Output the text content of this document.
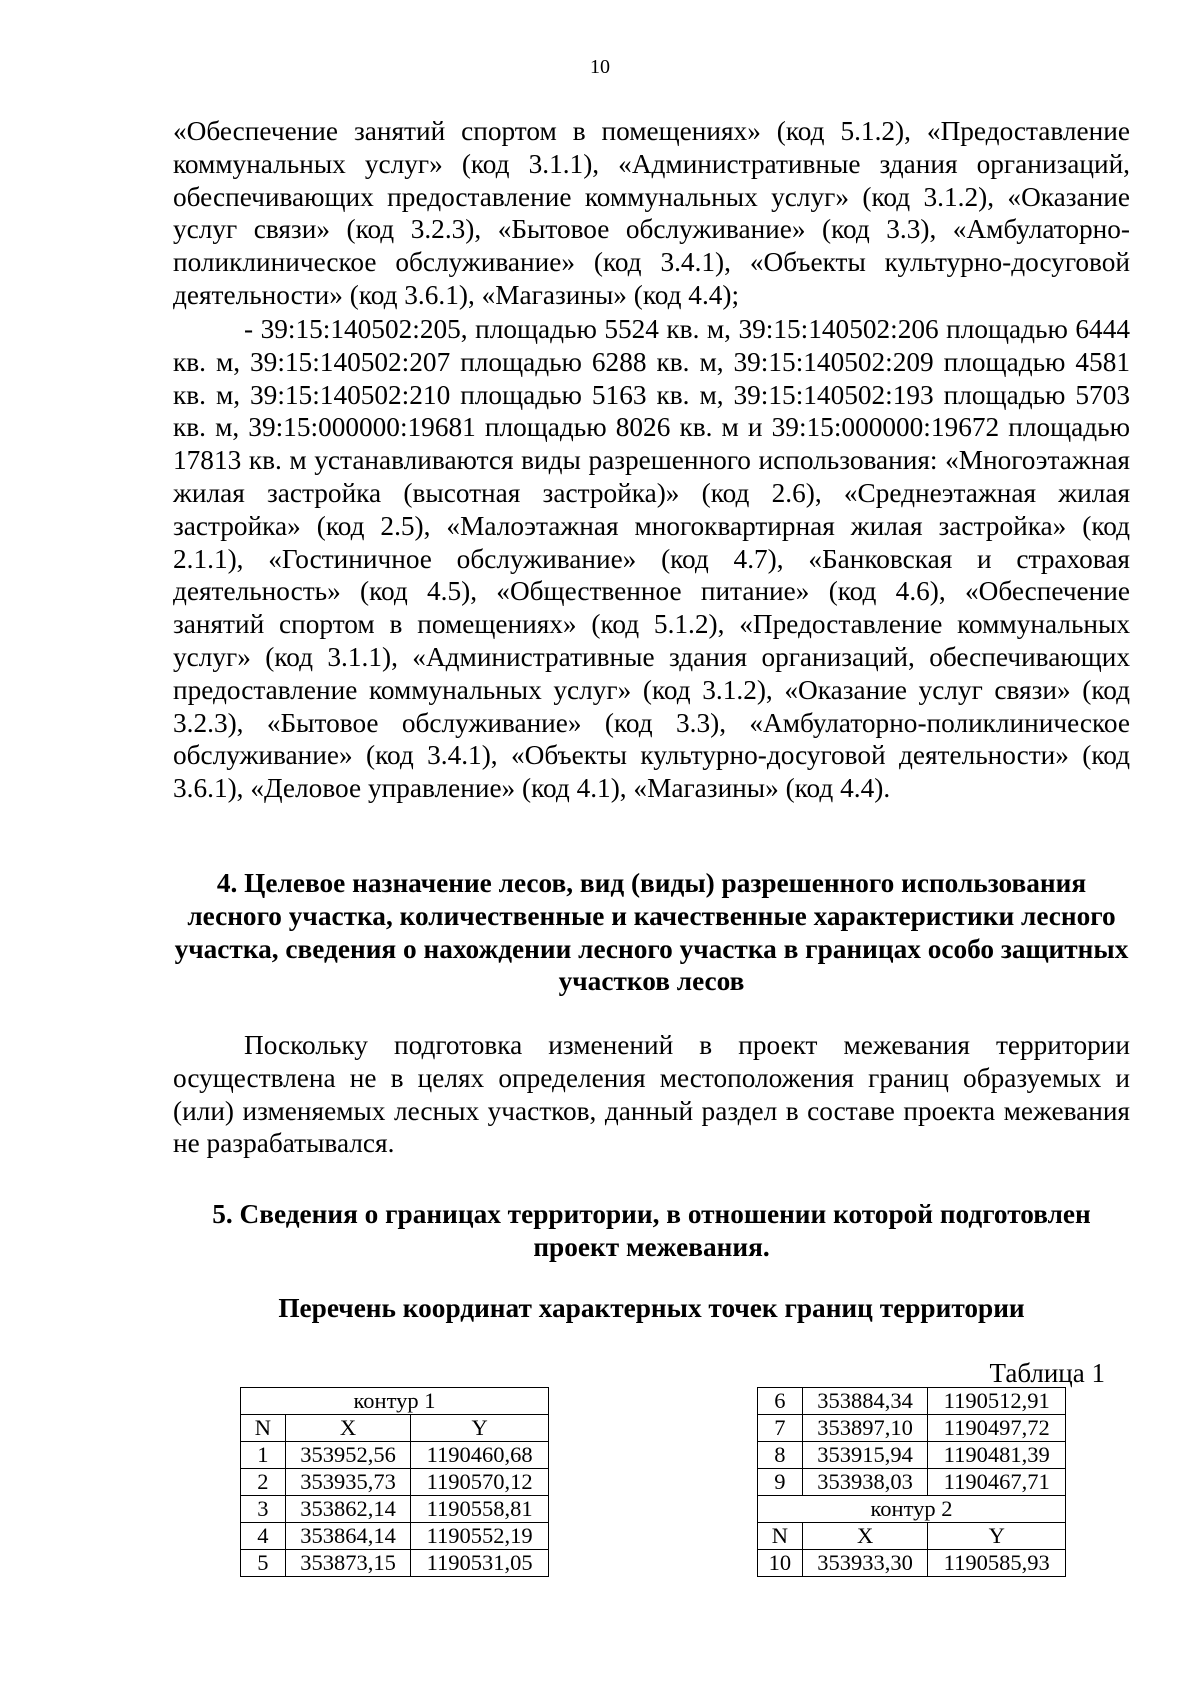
10

«Обеспечение занятий спортом в помещениях» (код 5.1.2), «Предоставление коммунальных услуг» (код 3.1.1), «Административные здания организаций, обеспечивающих предоставление коммунальных услуг» (код 3.1.2), «Оказание услуг связи» (код 3.2.3), «Бытовое обслуживание» (код 3.3), «Амбулаторно-поликлиническое обслуживание» (код 3.4.1), «Объекты культурно-досуговой деятельности» (код 3.6.1), «Магазины» (код 4.4);

- 39:15:140502:205, площадью 5524 кв. м, 39:15:140502:206 площадью 6444 кв. м, 39:15:140502:207 площадью 6288 кв. м, 39:15:140502:209 площадью 4581 кв. м, 39:15:140502:210 площадью 5163 кв. м, 39:15:140502:193 площадью 5703 кв. м, 39:15:000000:19681 площадью 8026 кв. м и 39:15:000000:19672 площадью 17813 кв. м устанавливаются виды разрешенного использования: «Многоэтажная жилая застройка (высотная застройка)» (код 2.6), «Среднеэтажная жилая застройка» (код 2.5), «Малоэтажная многоквартирная жилая застройка» (код 2.1.1), «Гостиничное обслуживание» (код 4.7), «Банковская и страховая деятельность» (код 4.5), «Общественное питание» (код 4.6), «Обеспечение занятий спортом в помещениях» (код 5.1.2), «Предоставление коммунальных услуг» (код 3.1.1), «Административные здания организаций, обеспечивающих предоставление коммунальных услуг» (код 3.1.2), «Оказание услуг связи» (код 3.2.3), «Бытовое обслуживание» (код 3.3), «Амбулаторно-поликлиническое обслуживание» (код 3.4.1), «Объекты культурно-досуговой деятельности» (код 3.6.1), «Деловое управление» (код 4.1), «Магазины» (код 4.4).

4. Целевое назначение лесов, вид (виды) разрешенного использования лесного участка, количественные и качественные характеристики лесного участка, сведения о нахождении лесного участка в границах особо защитных участков лесов

Поскольку подготовка изменений в проект межевания территории осуществлена не в целях определения местоположения границ образуемых и (или) изменяемых лесных участков, данный раздел в составе проекта межевания не разрабатывался.

5. Сведения о границах территории, в отношении которой подготовлен проект межевания.
Перечень координат характерных точек границ территории
Таблица 1
контур 1		
N	X	Y
1	353952,56	1190460,68
2	353935,73	1190570,12
3	353862,14	1190558,81
4	353864,14	1190552,19
5	353873,15	1190531,05
6	353884,34	1190512,91
7	353897,10	1190497,72
8	353915,94	1190481,39
9	353938,03	1190467,71
контур 2		
N	X	Y
10	353933,30	1190585,93
